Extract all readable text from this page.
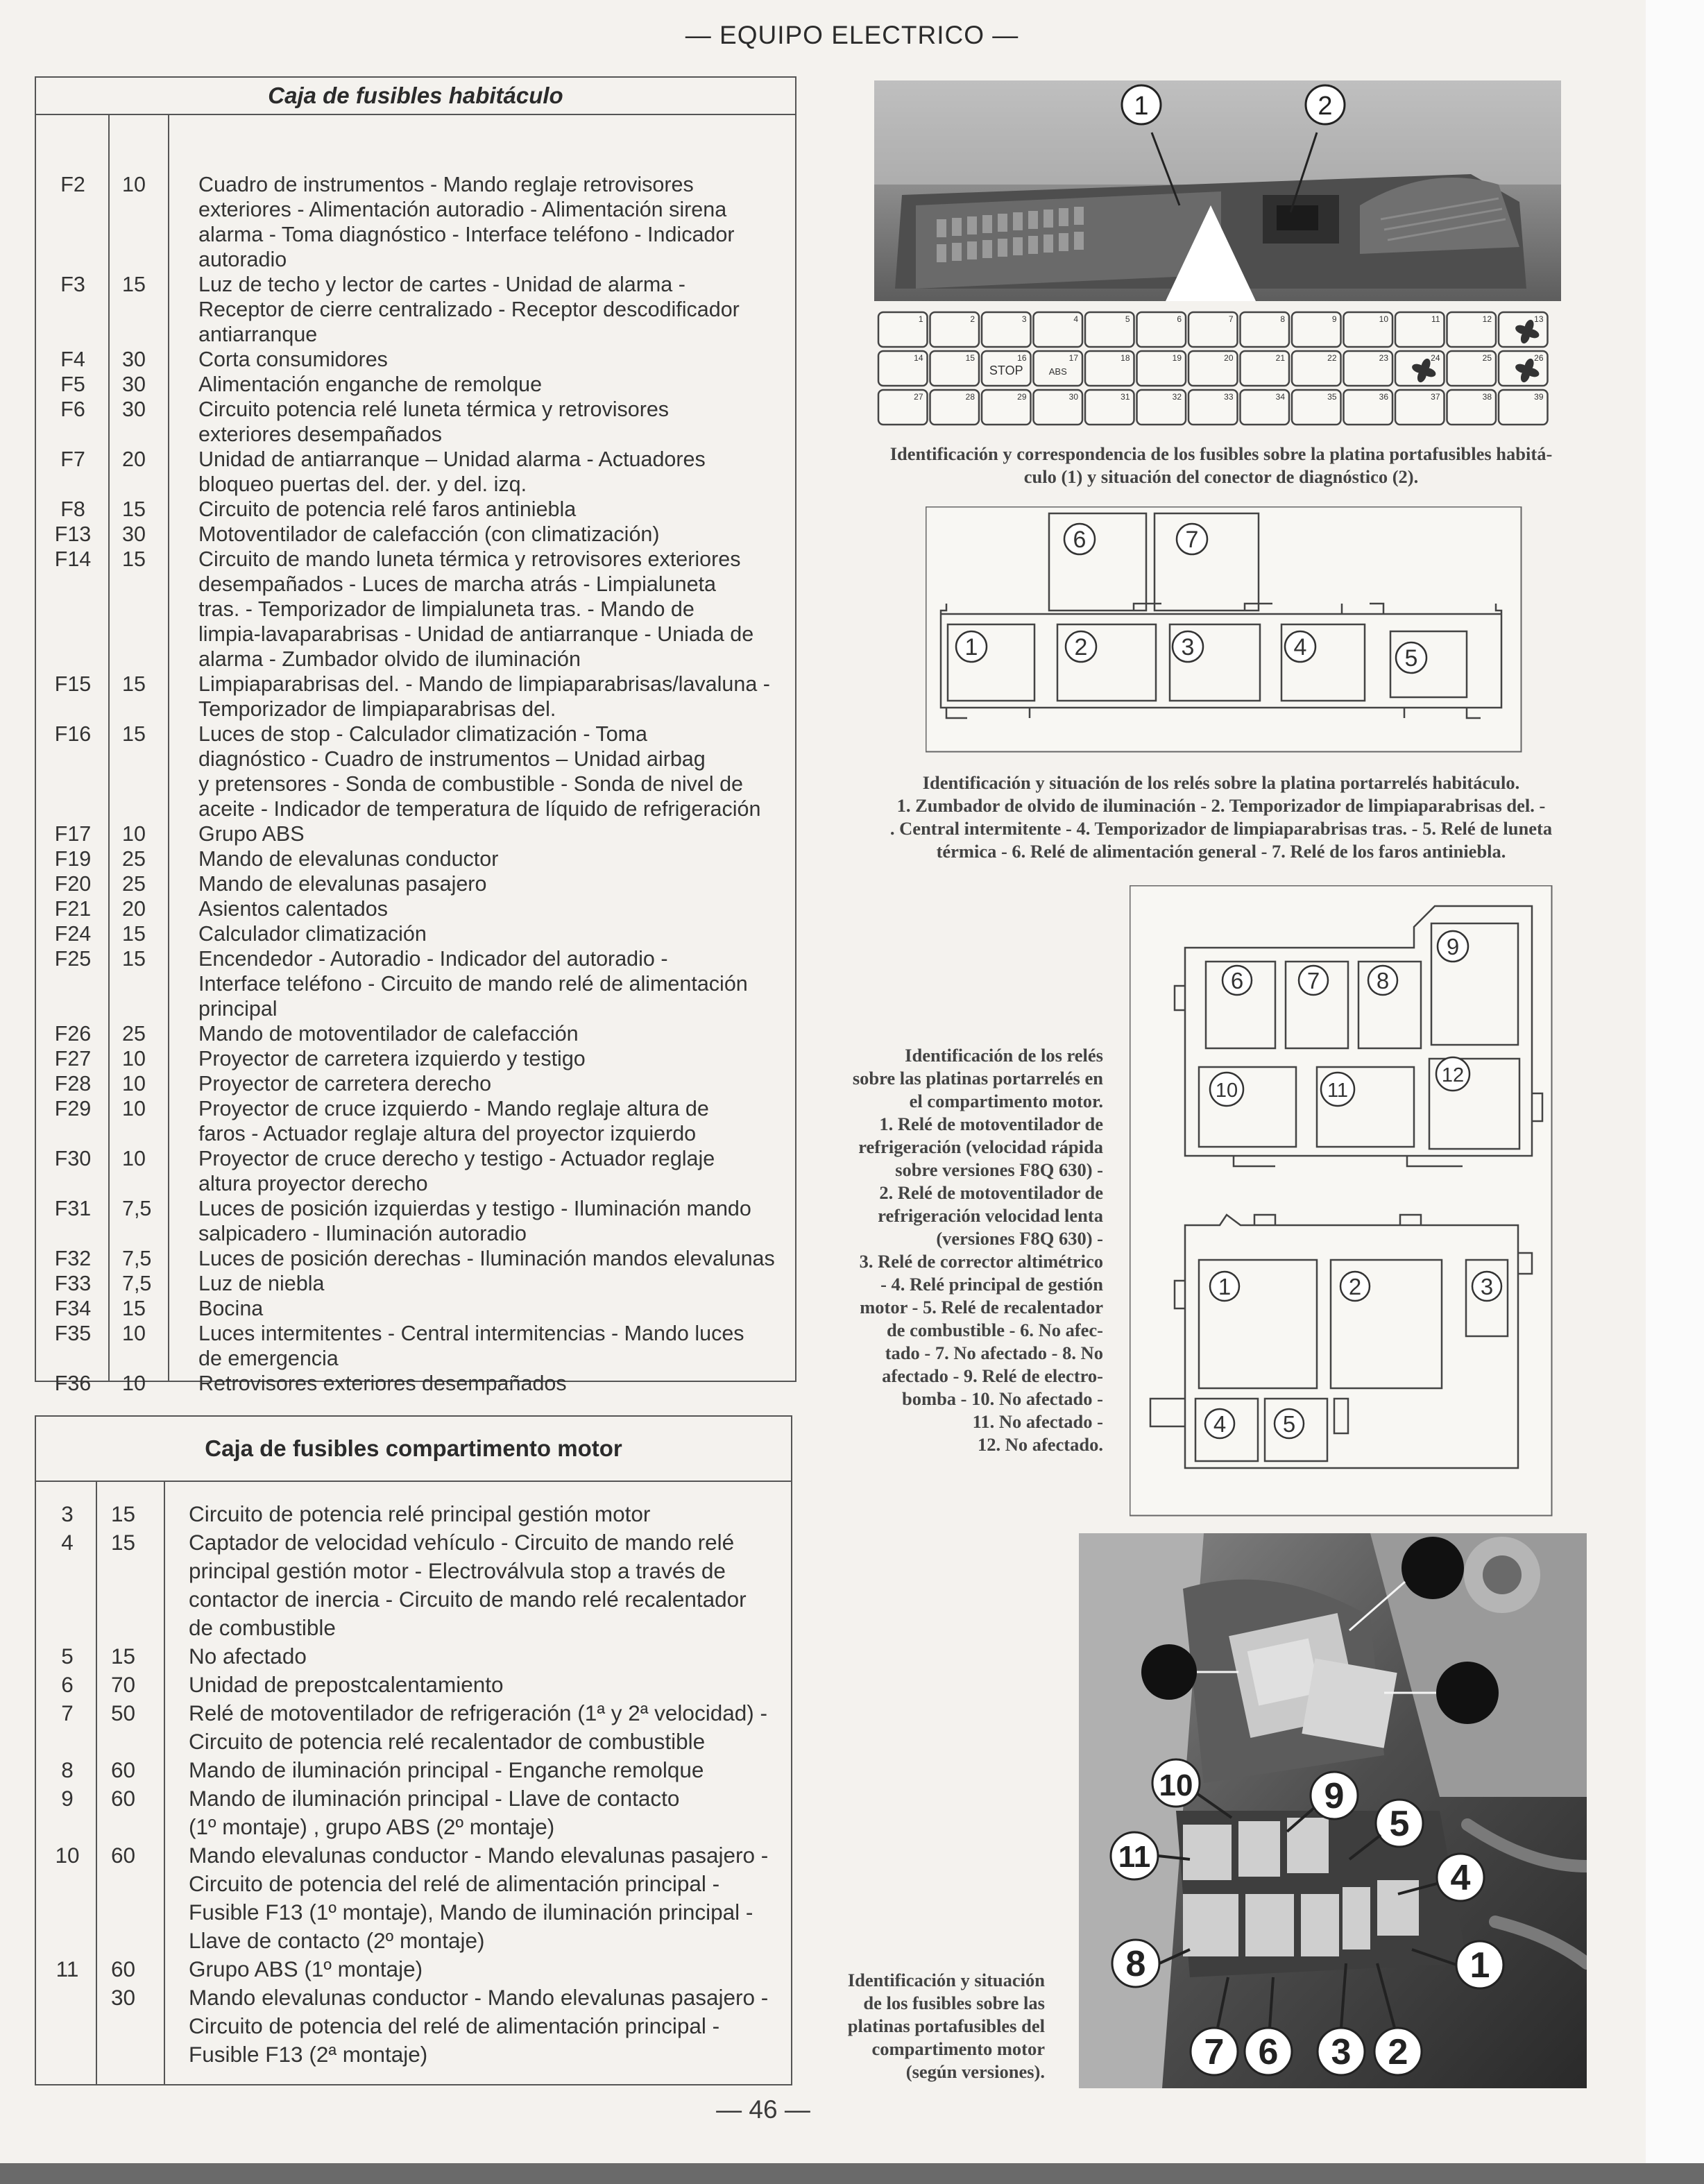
— EQUIPO ELECTRICO —
Caja de fusibles habitáculo
F2	10	Cuadro de instrumentos - Mando reglaje retrovisores
exteriores - Alimentación autoradio - Alimentación sirena
alarma - Toma diagnóstico - Interface teléfono - Indicador
autoradio

F3	15	Luz de techo y lector de cartes - Unidad de alarma -
Receptor de cierre centralizado - Receptor descodificador
antiarranque

F4	30	Corta consumidores

F5	30	Alimentación enganche de remolque

F6	30	Circuito potencia relé luneta térmica y retrovisores
exteriores desempañados

F7	20	Unidad de antiarranque – Unidad alarma - Actuadores
bloqueo puertas del. der. y del. izq.

F8	15	Circuito de potencia relé faros antiniebla

F13	30	Motoventilador de calefacción (con climatización)

F14	15	Circuito de mando luneta térmica y retrovisores exteriores
desempañados - Luces de marcha atrás - Limpialuneta
tras. - Temporizador de limpialuneta tras. - Mando de
limpia-lavaparabrisas - Unidad de antiarranque - Uniada de
alarma - Zumbador olvido de iluminación

F15	15	Limpiaparabrisas del. - Mando de limpiaparabrisas/lavaluna -
Temporizador de limpiaparabrisas del.

F16	15	Luces de stop - Calculador climatización - Toma
diagnóstico - Cuadro de instrumentos – Unidad airbag
y pretensores - Sonda de combustible - Sonda de nivel de
aceite - Indicador de temperatura de líquido de refrigeración

F17	10	Grupo ABS

F19	25	Mando de elevalunas conductor

F20	25	Mando de elevalunas pasajero

F21	20	Asientos calentados

F24	15	Calculador climatización

F25	15	Encendedor - Autoradio - Indicador del autoradio -
Interface teléfono - Circuito de mando relé de alimentación
principal

F26	25	Mando de motoventilador de calefacción

F27	10	Proyector de carretera izquierdo y testigo

F28	10	Proyector de carretera derecho

F29	10	Proyector de cruce izquierdo - Mando reglaje altura de
faros - Actuador reglaje altura del proyector izquierdo

F30	10	Proyector de cruce derecho y testigo - Actuador reglaje
altura proyector derecho

F31	7,5	Luces de posición izquierdas y testigo - Iluminación mando
salpicadero - Iluminación autoradio

F32	7,5	Luces de posición derechas - Iluminación mandos elevalunas

F33	7,5	Luz de niebla

F34	15	Bocina

F35	10	Luces intermitentes - Central intermitencias - Mando luces
de emergencia

F36	10	Retrovisores exteriores desempañados
Caja de fusibles compartimento motor
3	15	Circuito de potencia relé principal gestión motor

4	15	Captador de velocidad vehículo - Circuito de mando relé
principal gestión motor - Electroválvula stop a través de
contactor de inercia - Circuito de mando relé recalentador
de combustible

5	15	No afectado

6	70	Unidad de prepostcalentamiento

7	50	Relé de motoventilador de refrigeración (1ª y 2ª velocidad) -
Circuito de potencia relé recalentador de combustible

8	60	Mando de iluminación principal - Enganche remolque

9	60	Mando de iluminación principal - Llave de contacto
(1º montaje) , grupo ABS (2º montaje)

10	60	Mando elevalunas conductor - Mando elevalunas pasajero -
Circuito de potencia del relé de alimentación principal -
Fusible F13 (1º montaje), Mando de iluminación principal -
Llave de contacto (2º montaje)

11	60	Grupo ABS (1º montaje)

	30	Mando elevalunas conductor - Mando elevalunas pasajero -
Circuito de potencia del relé de alimentación principal -
Fusible F13 (2ª montaje)
1	2
1	2	3	4	5	6	7	8	9	10	11	12	13
14	15	16	17	18	19	20	21	22	23	24	25	26
27	28	29	30	31	32	33	34	35	36	37	38	39
STOP	ABS
Identificación y correspondencia de los fusibles sobre la platina portafusibles habitá-
culo (1) y situación del conector de diagnóstico (2).
6	7
1	2	3	4	5
Identificación y situación de los relés sobre la platina portarrelés habitáculo.
1. Zumbador de olvido de iluminación - 2. Temporizador de limpiaparabrisas del. -
. Central intermitente - 4. Temporizador de limpiaparabrisas tras. - 5. Relé de luneta
térmica - 6. Relé de alimentación general - 7. Relé de los faros antiniebla.
6	7 8
9
10	11
12
1	2	3
4 5
Identificación de los relés
sobre las platinas portarrelés en
el compartimento motor.
1. Relé de motoventilador de
refrigeración (velocidad rápida
sobre versiones F8Q 630) -
2. Relé de motoventilador de
refrigeración velocidad lenta
(versiones F8Q 630) -
3. Relé de corrector altimétrico
- 4. Relé principal de gestión
motor - 5. Relé de recalentador
de combustible - 6. No afec-
tado - 7. No afectado - 8. No
afectado - 9. Relé de electro-
bomba - 10. No afectado -
11. No afectado -
12. No afectado.
10	9
5
11
4
8	1
7 6 3 2
Identificación y situación
de los fusibles sobre las
platinas portafusibles del
compartimento motor
(según versiones).
— 46 —
